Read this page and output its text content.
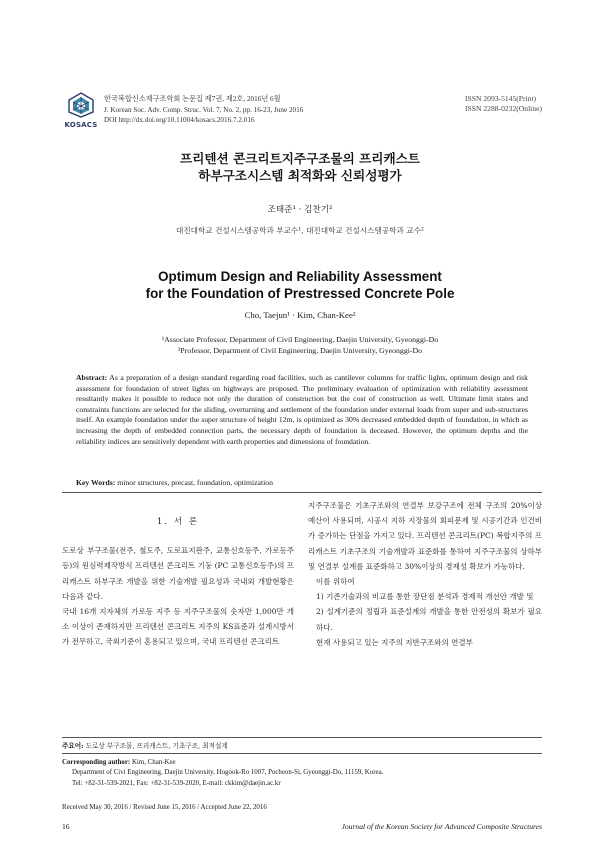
KOSACS
한국복합신소재구조학회 논문집 제7권, 제2호, 2016년 6월
J. Korean Soc. Adv. Comp. Struc. Vol. 7, No. 2, pp. 16-23, June 2016
DOI http://dx.doi.org/10.11004/kosacs.2016.7.2.016
ISSN 2093-5145(Print)
ISSN 2288-0232(Online)
프리텐션 콘크리트지주구조물의 프리캐스트
하부구조시스템 최적화와 신뢰성평가
조태준¹ · 김찬기²
대진대학교 건설시스템공학과 부교수¹, 대진대학교 건설시스템공학과 교수²
Optimum Design and Reliability Assessment
for the Foundation of Prestressed Concrete Pole
Cho, Taejun¹ · Kim, Chan-Kee²
¹Associate Professor, Department of Civil Engineering, Daejin University, Gyeonggi-Do
²Professor, Department of Civil Engineering, Daejin University, Gyeonggi-Do
Abstract: As a preparation of a design standard regarding road facilities, such as cantilever columns for traffic lights, optimum design and risk assessment for foundation of street lights on highways are proposed. The preliminary evaluation of optimization with reliability assessment resultantly makes it possible to reduce not only the duration of construction but the cost of construction as well. Ultimate limit states and constraints functions are selected for the sliding, overturning and settlement of the foundation under external loads from super and sub-structures itself. An example foundation under the super structure of height 12m, is optimized as 30% decreased embedded depth of foundation, in which as increasing the depth of embedded connection parts, the necessary depth of foundation is deceased. However, the optimum depths and the reliability indices are sensitively dependent with earth properties and dimensions of foundation.
Key Words: minor structures, precast, foundation, optimization
1. 서 론

도로상 부구조물(전주, 철도주, 도로표지판주, 교통신호등주, 가로등주 등)의 원심력제작방식 프리텐션 콘크리트 기둥 (PC 교통신호등주)의 프리캐스트 하부구조 개발을 위한 기술개발 필요성과 국내외 개발현황은 다음과 같다.

국내 16개 지자체의 가로등 지주 등 지주구조물의 숫자만 1,000만 개소 이상이 존재하지만 프리텐션 콘크리트 지주의 KS표준과 설계시방서가 전무하고, 국외기준이 혼용되고 있으며, 국내 프리텐션 콘크리트

지주구조물은 기초구조와의 연결부 보강구조에 전체 구조의 20%이상 예산이 사용되며, 시공시 지하 지장물의 회피문제 및 시공기간과 인건비가 증가하는 단점을 가지고 있다. 프리텐션 콘크리트(PC) 복합지주의 프리캐스트 기초구조의 기술개발과 표준화를 통하여 지주구조물의 상하부 및 연결부 설계를 표준화하고 30%이상의 경제성 확보가 가능하다.

이를 위하여

1) 기존기술과의 비교를 통한 장단점 분석과 경제적 개선안 개발 및

2) 설계기준의 정립과 표준설계의 개발을 통한 안전성의 확보가 필요하다.

현재 사용되고 있는 지주의 지반구조와의 연결부

주요어: 도로상 부구조물, 프리캐스트, 기초구조, 최적설계
Corresponding author: Kim, Chan-Kee
Department of Civi Engineering, Daejin University, Hogook-Ro 1007, Pocheon-Si, Gyeonggi-Do, 11159, Korea.
Tel: +82-31-539-2021, Fax: +82-31-539-2020, E-mail: ckkim@daejin.ac.kr
Received May 30, 2016 / Revised June 15, 2016 / Accepted June 22, 2016
16	Journal of the Korean Society for Advanced Composite Structures
